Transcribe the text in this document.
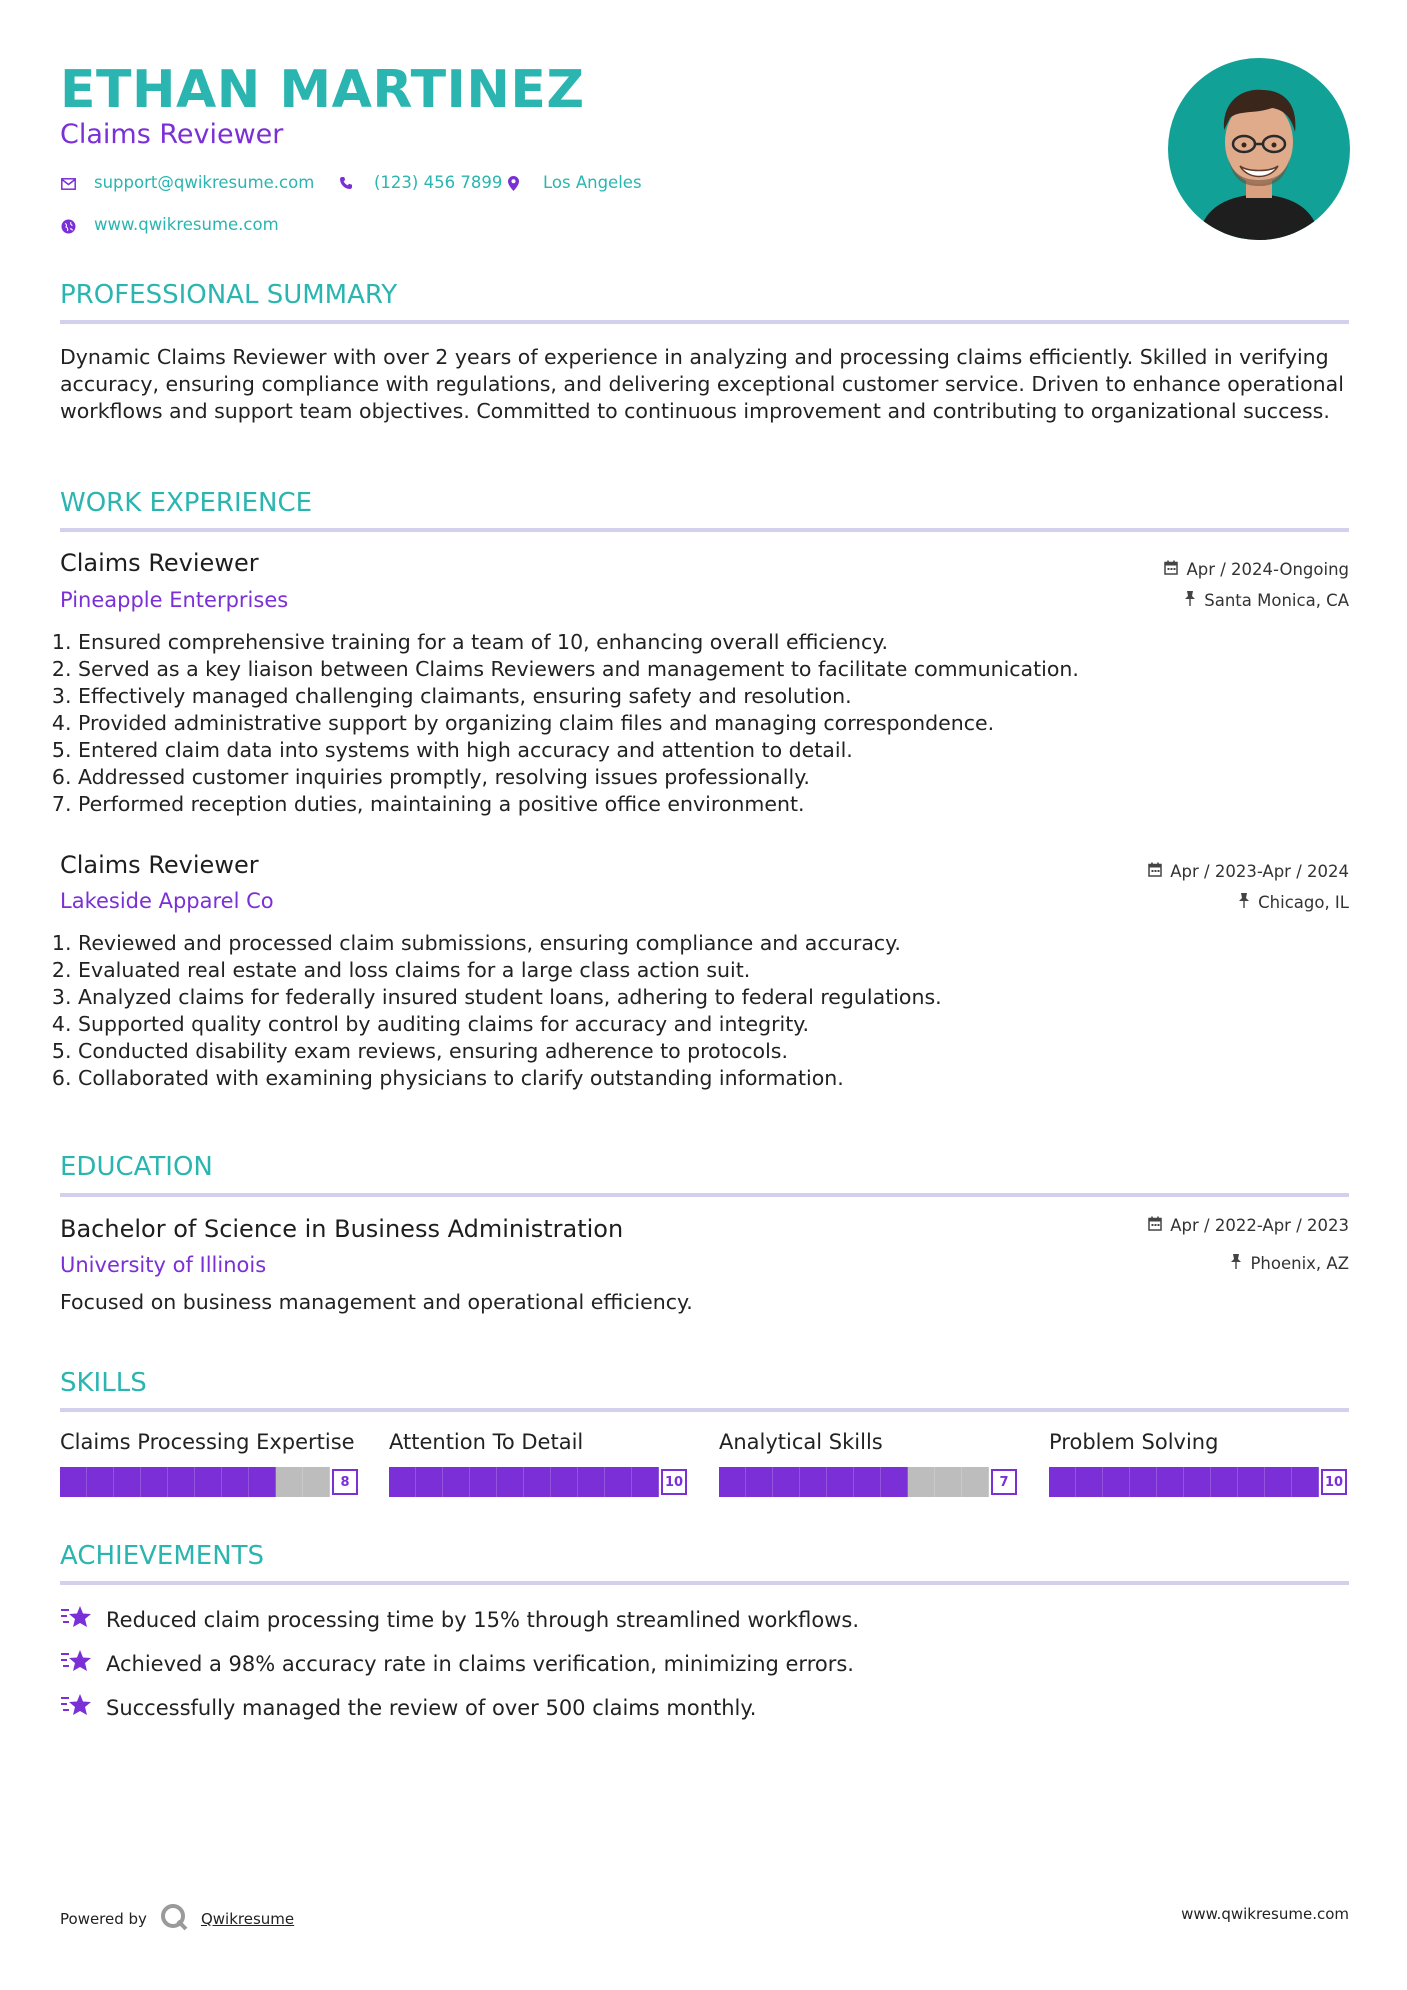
ETHAN MARTINEZ
Claims Reviewer
support@qwikresume.com	(123) 456 7899 Los Angeles
www.qwikresume.com
PROFESSIONAL SUMMARY
Dynamic Claims Reviewer with over 2 years of experience in analyzing and processing claims efficiently. Skilled in verifying accuracy, ensuring compliance with regulations, and delivering exceptional customer service. Driven to enhance operational workflows and support team objectives. Committed to continuous improvement and contributing to organizational success.
WORK EXPERIENCE
Claims Reviewer
Pineapple Enterprises
Apr / 2024-Ongoing
Santa Monica, CA
1. Ensured comprehensive training for a team of 10, enhancing overall efficiency.
2. Served as a key liaison between Claims Reviewers and management to facilitate communication.
3. Effectively managed challenging claimants, ensuring safety and resolution.
4. Provided administrative support by organizing claim files and managing correspondence.
5. Entered claim data into systems with high accuracy and attention to detail.
6. Addressed customer inquiries promptly, resolving issues professionally.
7. Performed reception duties, maintaining a positive office environment.
Claims Reviewer
Lakeside Apparel Co
Apr / 2023-Apr / 2024
Chicago, IL
1. Reviewed and processed claim submissions, ensuring compliance and accuracy.
2. Evaluated real estate and loss claims for a large class action suit.
3. Analyzed claims for federally insured student loans, adhering to federal regulations.
4. Supported quality control by auditing claims for accuracy and integrity.
5. Conducted disability exam reviews, ensuring adherence to protocols.
6. Collaborated with examining physicians to clarify outstanding information.
EDUCATION
Bachelor of Science in Business Administration
University of Illinois
Apr / 2022-Apr / 2023
Phoenix, AZ
Focused on business management and operational efficiency.
SKILLS
Claims Processing Expertise
8
Attention To Detail
10
Analytical Skills
7
Problem Solving
10
ACHIEVEMENTS
Reduced claim processing time by 15% through streamlined workflows.
Achieved a 98% accuracy rate in claims verification, minimizing errors.
Successfully managed the review of over 500 claims monthly.
Powered by	Qwikresume	www.qwikresume.com
